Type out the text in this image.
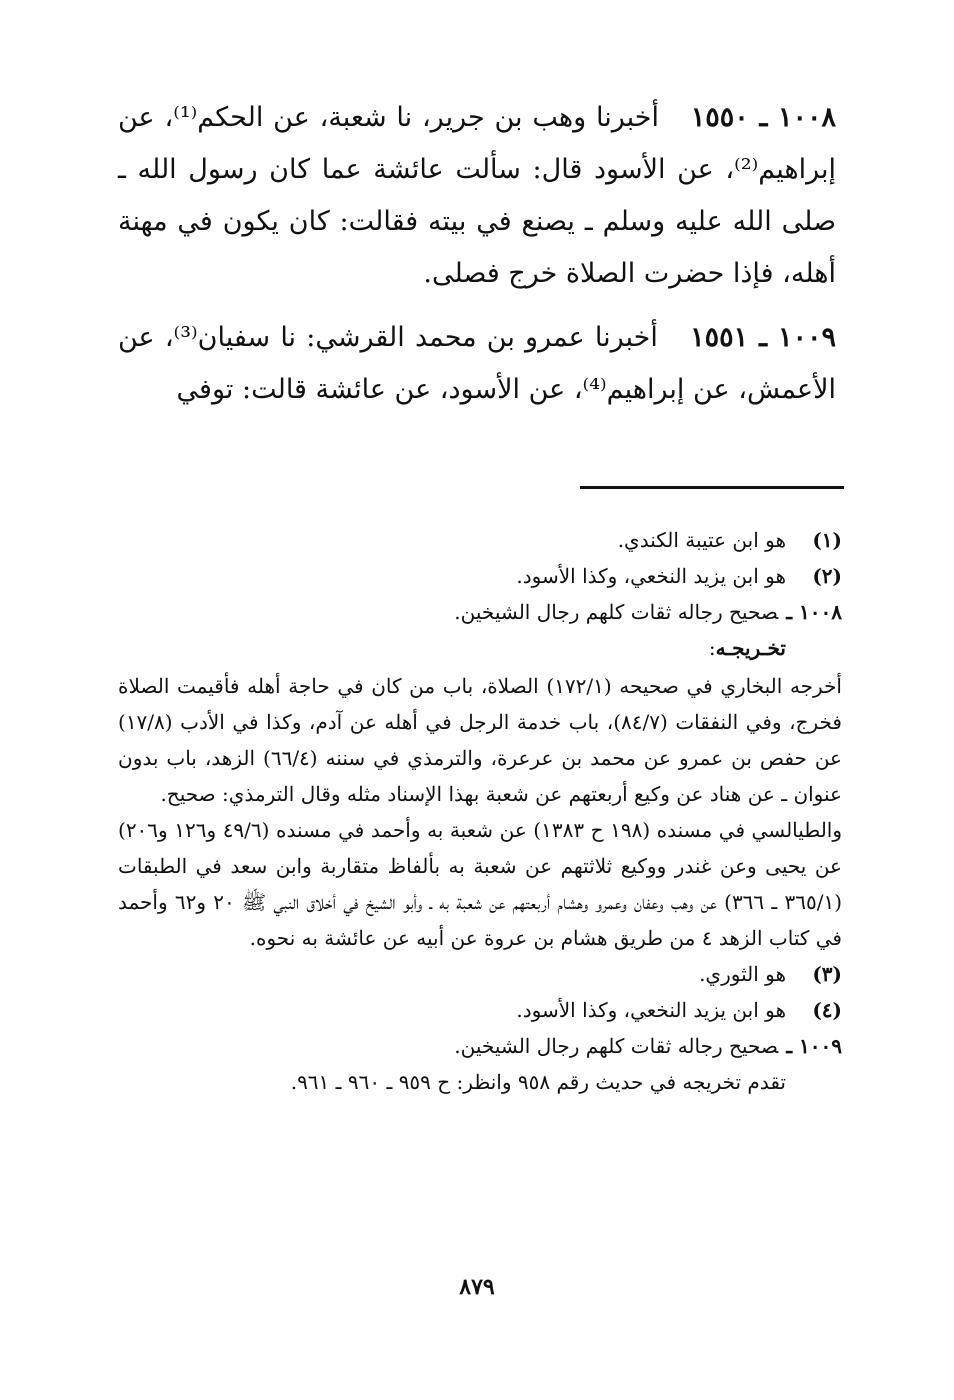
١٠٠٨ ـ ١٥٥٠ أخبرنا وهب بن جرير، نا شعبة، عن الحكم⁽¹⁾، عن إبراهيم⁽²⁾، عن الأسود قال: سألت عائشة عما كان رسول الله ـ صلى الله عليه وسلم ـ يصنع في بيته فقالت: كان يكون في مهنة أهله، فإذا حضرت الصلاة خرج فصلى.
١٠٠٩ ـ ١٥٥١ أخبرنا عمرو بن محمد القرشي: نا سفيان⁽³⁾، عن الأعمش، عن إبراهيم⁽⁴⁾، عن الأسود، عن عائشة قالت: توفي
(١)هو ابن عتيبة الكندي.
(٢)هو ابن يزيد النخعي، وكذا الأسود.
١٠٠٨ ـصحيح رجاله ثقات كلهم رجال الشيخين.
تخـريجـه:
أخرجه البخاري في صحيحه (١٧٢/١) الصلاة، باب من كان في حاجة أهله فأقيمت الصلاة فخرج، وفي النفقات (٨٤/٧)، باب خدمة الرجل في أهله عن آدم، وكذا في الأدب (١٧/٨) عن حفص بن عمرو عن محمد بن عرعرة، والترمذي في سننه (٦٦/٤) الزهد، باب بدون عنوان ـ عن هناد عن وكيع أربعتهم عن شعبة بهذا الإسناد مثله وقال الترمذي: صحيح.
والطيالسي في مسنده (١٩٨ ح ١٣٨٣) عن شعبة به وأحمد في مسنده (٤٩/٦ و١٢٦ و٢٠٦) عن يحيى وعن غندر ووكيع ثلاثتهم عن شعبة به بألفاظ متقاربة وابن سعد في الطبقات (٣٦٥/١ ـ ٣٦٦) عن وهب وعفان وعمرو وهشام أربعتهم عن شعبة به ـ وأبو الشيخ في أخلاق النبي ﷺ ٢٠ و٦٢ وأحمد في كتاب الزهد ٤ من طريق هشام بن عروة عن أبيه عن عائشة به نحوه.
(٣)هو الثوري.
(٤)هو ابن يزيد النخعي، وكذا الأسود.
١٠٠٩ ـصحيح رجاله ثقات كلهم رجال الشيخين.
تقدم تخريجه في حديث رقم ٩٥٨ وانظر: ح ٩٥٩ ـ ٩٦٠ ـ ٩٦١.
٨٧٩
